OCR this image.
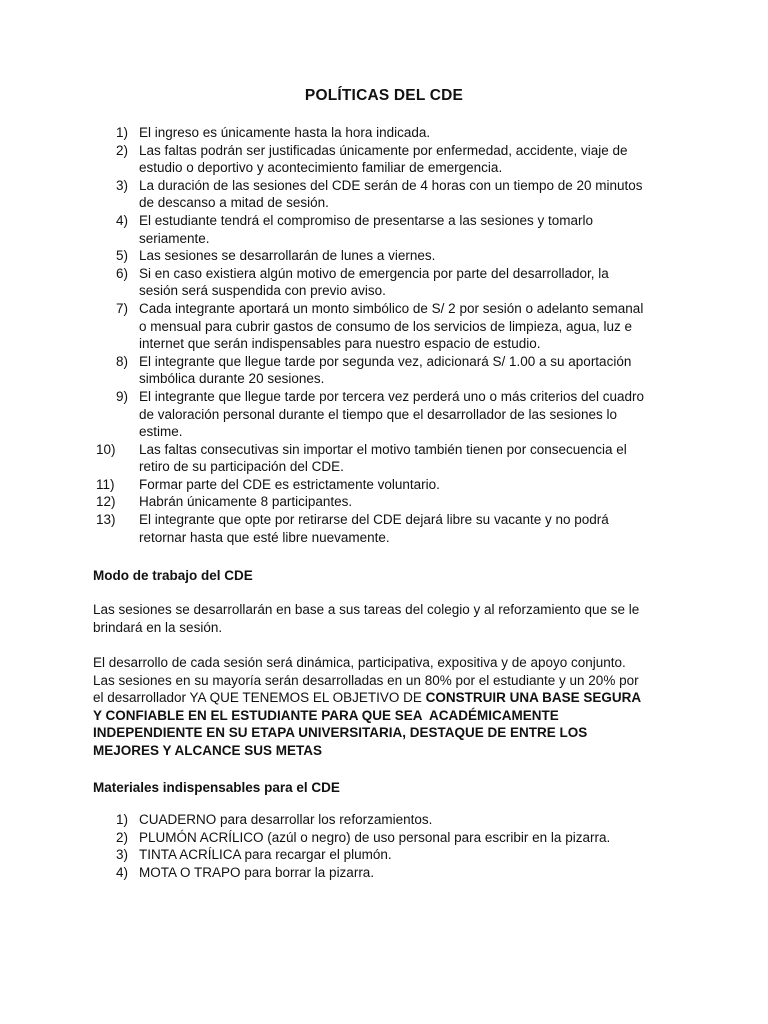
POLÍTICAS DEL CDE
1) El ingreso es únicamente hasta la hora indicada.
2) Las faltas podrán ser justificadas únicamente por enfermedad, accidente, viaje de
estudio o deportivo y acontecimiento familiar de emergencia.
3) La duración de las sesiones del CDE serán de 4 horas con un tiempo de 20 minutos
de descanso a mitad de sesión.
4) El estudiante tendrá el compromiso de presentarse a las sesiones y tomarlo
seriamente.
5) Las sesiones se desarrollarán de lunes a viernes.
6) Si en caso existiera algún motivo de emergencia por parte del desarrollador, la
sesión será suspendida con previo aviso.
7) Cada integrante aportará un monto simbólico de S/ 2 por sesión o adelanto semanal
o mensual para cubrir gastos de consumo de los servicios de limpieza, agua, luz e
internet que serán indispensables para nuestro espacio de estudio.
8) El integrante que llegue tarde por segunda vez, adicionará S/ 1.00 a su aportación
simbólica durante 20 sesiones.
9) El integrante que llegue tarde por tercera vez perderá uno o más criterios del cuadro
de valoración personal durante el tiempo que el desarrollador de las sesiones lo
estime.
10)	Las faltas consecutivas sin importar el motivo también tienen por consecuencia el
retiro de su participación del CDE.
11)	Formar parte del CDE es estrictamente voluntario.
12)	Habrán únicamente 8 participantes.
13)	El integrante que opte por retirarse del CDE dejará libre su vacante y no podrá
retornar hasta que esté libre nuevamente.
Modo de trabajo del CDE

Las sesiones se desarrollarán en base a sus tareas del colegio y al reforzamiento que se le
brindará en la sesión.

El desarrollo de cada sesión será dinámica, participativa, expositiva y de apoyo conjunto.
Las sesiones en su mayoría serán desarrolladas en un 80% por el estudiante y un 20% por
el desarrollador YA QUE TENEMOS EL OBJETIVO DE CONSTRUIR UNA BASE SEGURA
Y CONFIABLE EN EL ESTUDIANTE PARA QUE SEA  ACADÉMICAMENTE
INDEPENDIENTE EN SU ETAPA UNIVERSITARIA, DESTAQUE DE ENTRE LOS
MEJORES Y ALCANCE SUS METAS

Materiales indispensables para el CDE
1) CUADERNO para desarrollar los reforzamientos.
2) PLUMÓN ACRÍLICO (azúl o negro) de uso personal para escribir en la pizarra.
3) TINTA ACRÍLICA para recargar el plumón.
4) MOTA O TRAPO para borrar la pizarra.
